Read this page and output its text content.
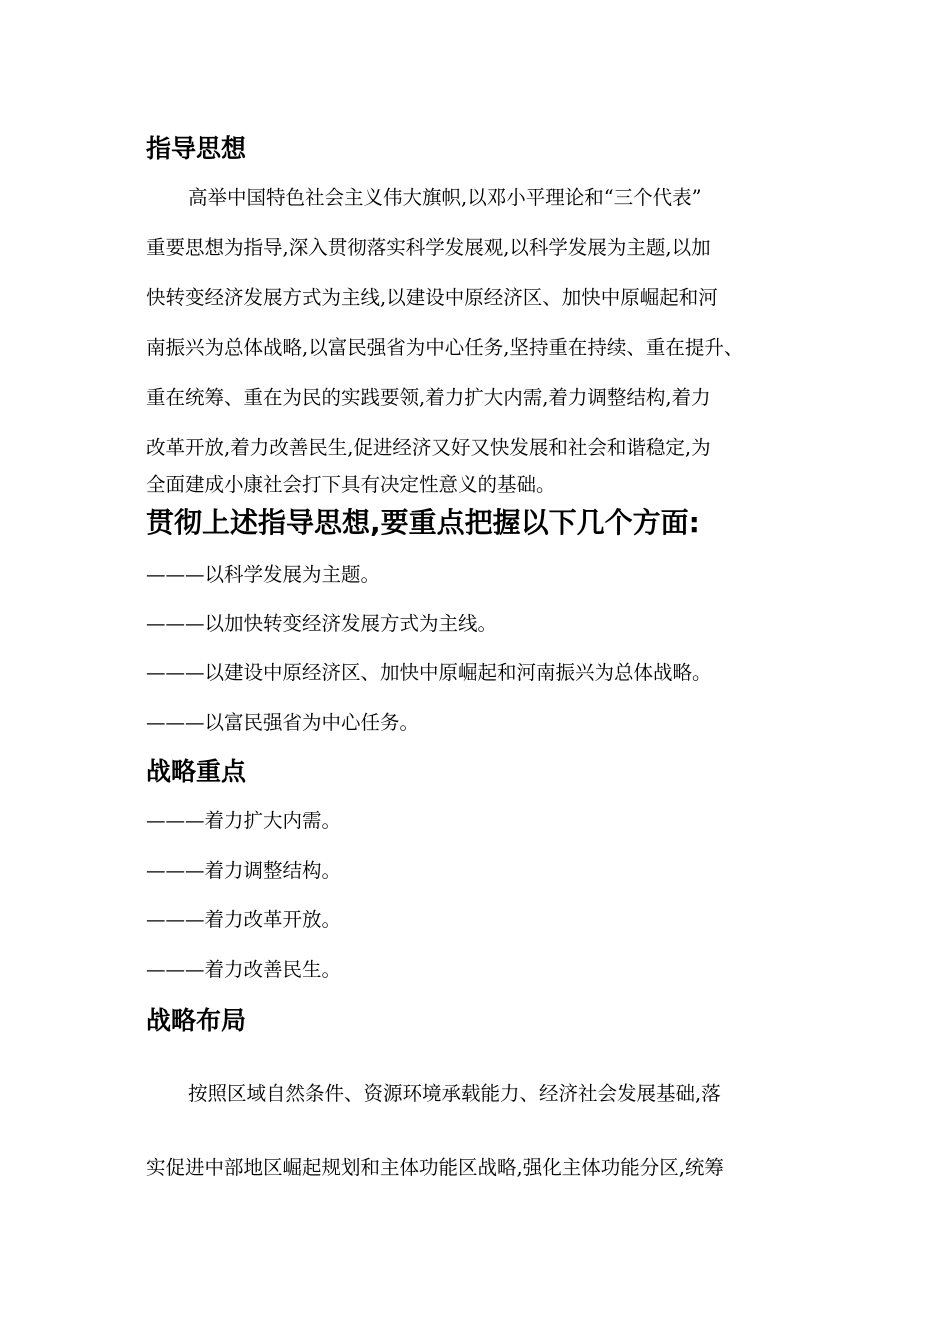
指导思想
高举中国特色社会主义伟大旗帜,以邓小平理论和“三个代表”
重要思想为指导,深入贯彻落实科学发展观,以科学发展为主题,以加
快转变经济发展方式为主线,以建设中原经济区、加快中原崛起和河
南振兴为总体战略,以富民强省为中心任务,坚持重在持续、重在提升、
重在统筹、重在为民的实践要领,着力扩大内需,着力调整结构,着力
改革开放,着力改善民生,促进经济又好又快发展和社会和谐稳定,为
全面建成小康社会打下具有决定性意义的基础。
贯彻上述指导思想,要重点把握以下几个方面:
———以科学发展为主题。
———以加快转变经济发展方式为主线。
———以建设中原经济区、加快中原崛起和河南振兴为总体战略。
———以富民强省为中心任务。
战略重点
———着力扩大内需。
———着力调整结构。
———着力改革开放。
———着力改善民生。
战略布局
按照区域自然条件、资源环境承载能力、经济社会发展基础,落
实促进中部地区崛起规划和主体功能区战略,强化主体功能分区,统筹
